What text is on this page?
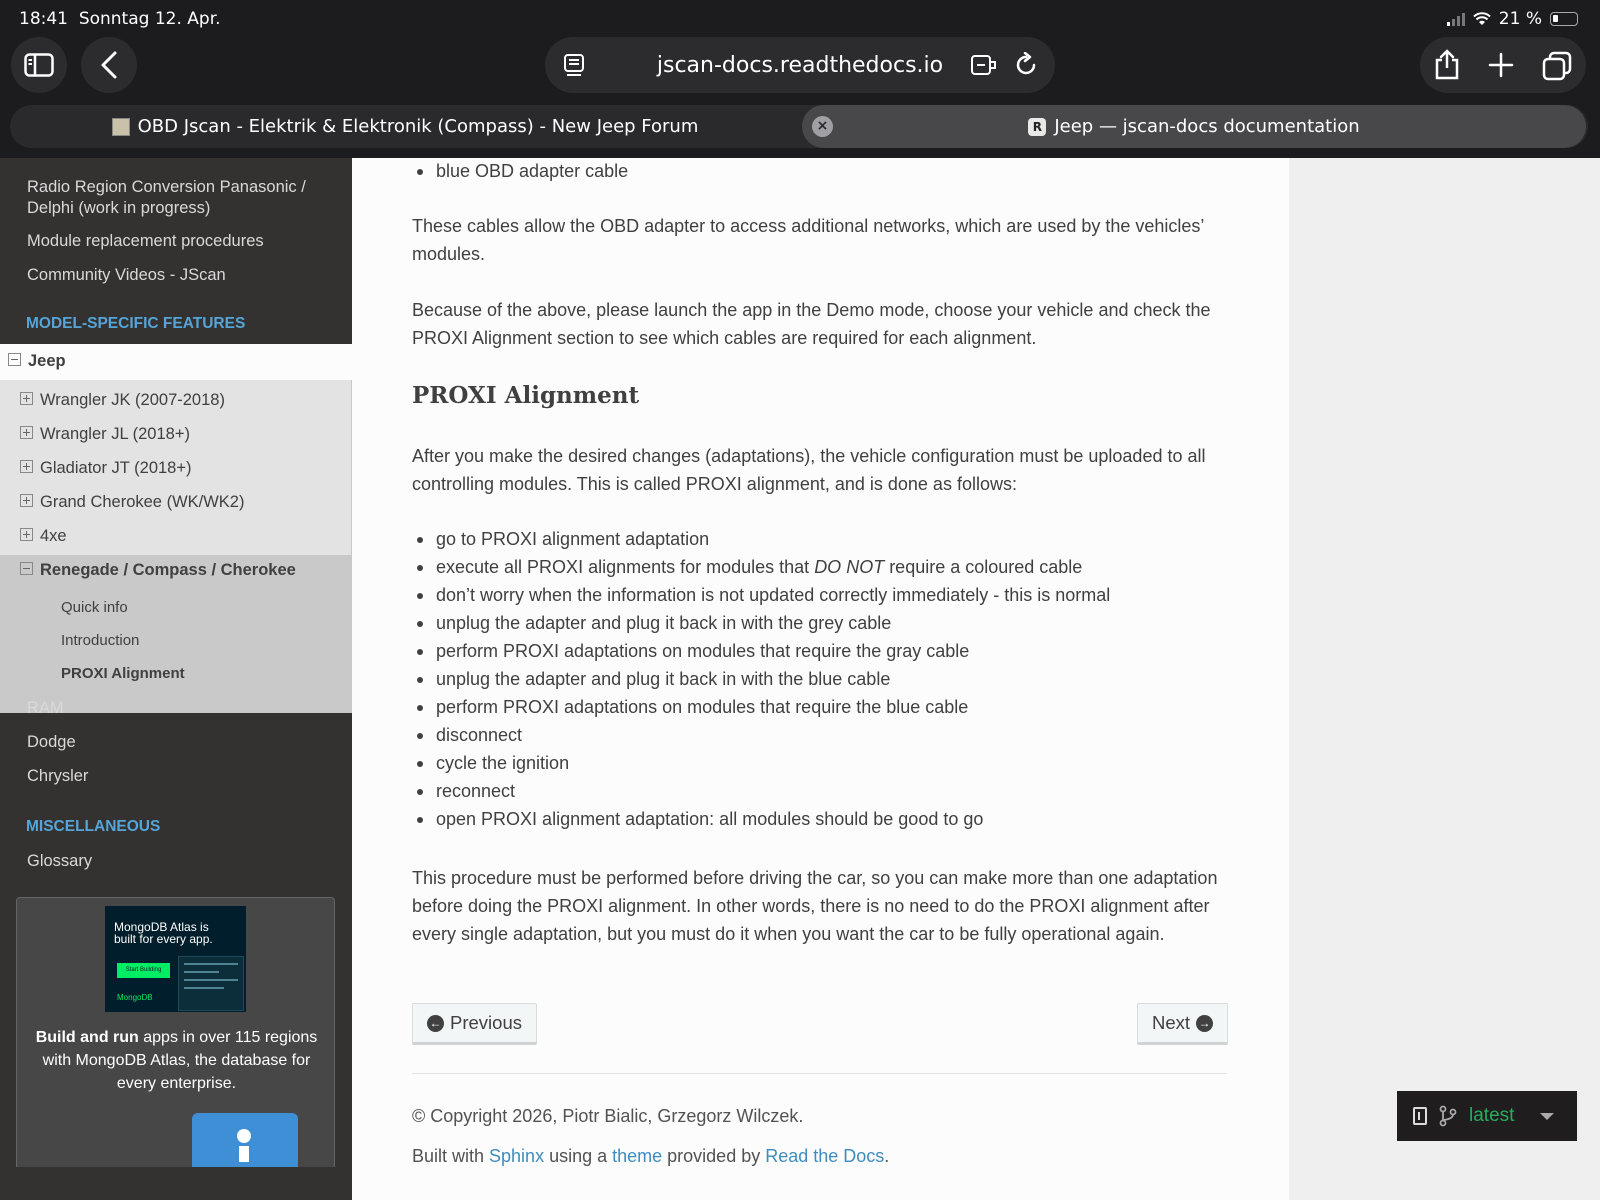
18:41 Sonntag 12. Apr.	21 %
jscan-docs.readthedocs.io
OBD Jscan - Elektrik & Elektronik (Compass) - New Jeep Forum	×	R Jeep — jscan-docs documentation
Radio Region Conversion Panasonic / Delphi (work in progress)
Module replacement procedures
Community Videos - JScan
MODEL-SPECIFIC FEATURES
Jeep
Wrangler JK (2007-2018)
Wrangler JL (2018+)
Gladiator JT (2018+)
Grand Cherokee (WK/WK2)
4xe
Renegade / Compass / Cherokee
Quick info
Introduction
PROXI Alignment
RAM
Dodge
Chrysler
MISCELLANEOUS
Glossary
MongoDB Atlas is built for every app.
Start Building
MongoDB
Build and run apps in over 115 regions with MongoDB Atlas, the database for every enterprise.
blue OBD adapter cable

These cables allow the OBD adapter to access additional networks, which are used by the vehicles’ modules.

Because of the above, please launch the app in the Demo mode, choose your vehicle and check the PROXI Alignment section to see which cables are required for each alignment.

PROXI Alignment

After you make the desired changes (adaptations), the vehicle configuration must be uploaded to all controlling modules. This is called PROXI alignment, and is done as follows:

go to PROXI alignment adaptation
execute all PROXI alignments for modules that DO NOT require a coloured cable
don’t worry when the information is not updated correctly immediately - this is normal
unplug the adapter and plug it back in with the grey cable
perform PROXI adaptations on modules that require the gray cable
unplug the adapter and plug it back in with the blue cable
perform PROXI adaptations on modules that require the blue cable
disconnect
cycle the ignition
reconnect
open PROXI alignment adaptation: all modules should be good to go

This procedure must be performed before driving the car, so you can make more than one adaptation before doing the PROXI alignment. In other words, there is no need to do the PROXI alignment after every single adaptation, but you must do it when you want the car to be fully operational again.

← Previous	Next →
© Copyright 2026, Piotr Bialic, Grzegorz Wilczek.
Built with Sphinx using a theme provided by Read the Docs.
latest
